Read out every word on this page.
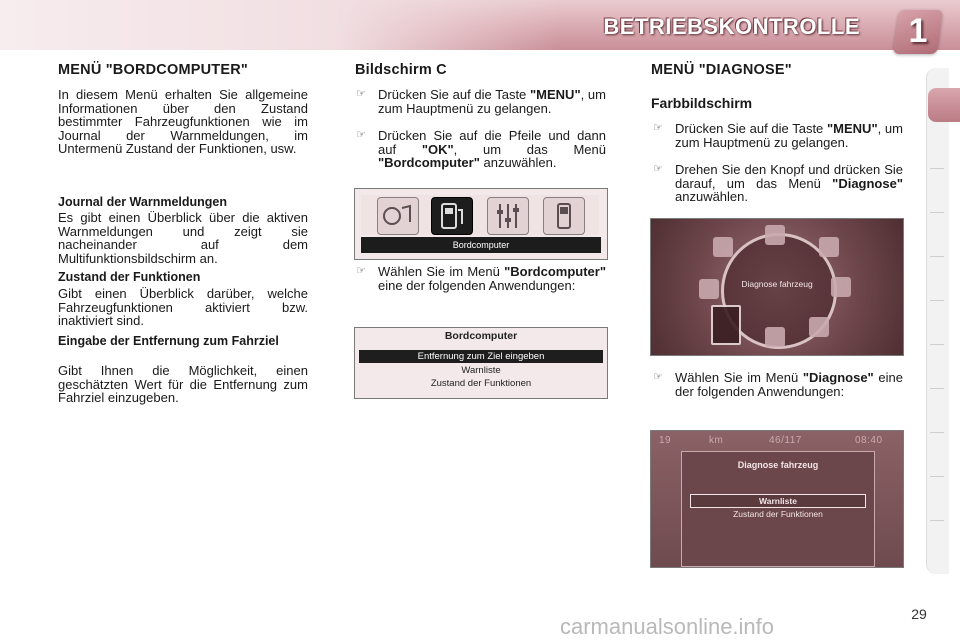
BETRIEBSKONTROLLE	1
MENÜ "BORDCOMPUTER"
In diesem Menü erhalten Sie allgemeine Informationen über den Zustand bestimmter Fahrzeugfunktionen wie im Journal der Warnmeldungen, im Untermenü Zustand der Funktionen, usw.
Journal der Warnmeldungen
Es gibt einen Überblick über die aktiven Warnmeldungen und zeigt sie nacheinander auf dem Multifunktionsbildschirm an.
Zustand der Funktionen
Gibt einen Überblick darüber, welche Fahrzeugfunktionen aktiviert bzw. inaktiviert sind.
Eingabe der Entfernung zum Fahrziel
Gibt Ihnen die Möglichkeit, einen geschätzten Wert für die Entfernung zum Fahrziel einzugeben.
Bildschirm C
☞ Drücken Sie auf die Taste "MENU", um zum Hauptmenü zu gelangen.
☞ Drücken Sie auf die Pfeile und dann auf "OK", um das Menü "Bordcomputer" anzuwählen.
Bordcomputer
☞ Wählen Sie im Menü "Bordcomputer" eine der folgenden Anwendungen:
Bordcomputer
Entfernung zum Ziel eingeben
Warnliste
Zustand der Funktionen
MENÜ "DIAGNOSE"
Farbbildschirm
☞ Drücken Sie auf die Taste "MENU", um zum Hauptmenü zu gelangen.
☞ Drehen Sie den Knopf und drücken Sie darauf, um das Menü "Diagnose" anzuwählen.
Diagnose fahrzeug
☞ Wählen Sie im Menü "Diagnose" eine der folgenden Anwendungen:
19	km	46/117	08:40
Diagnose fahrzeug
Warnliste
Zustand der Funktionen
29
carmanualsonline.info
